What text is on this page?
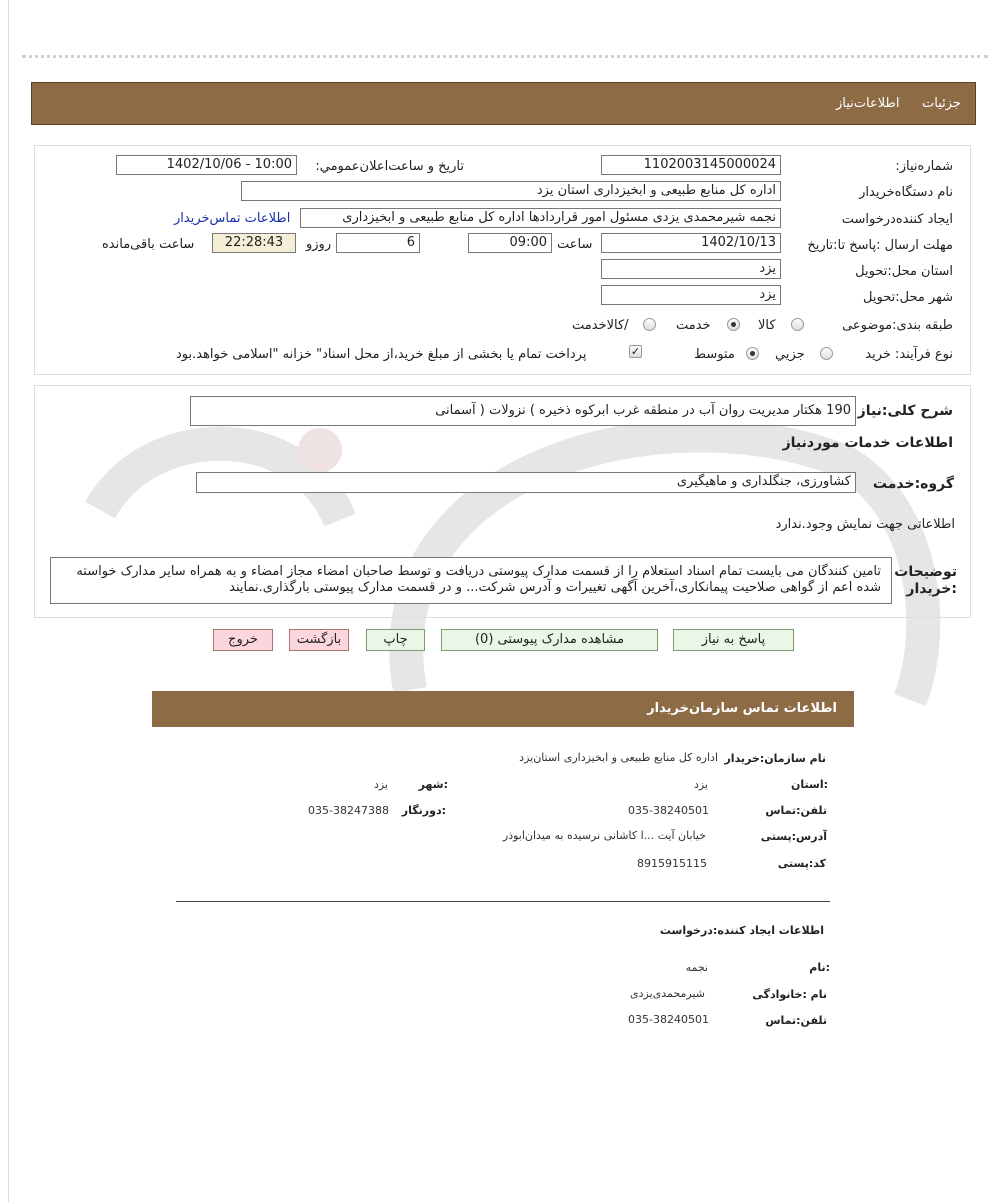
جزئیات
اطلاعات‌نیاز
شماره‌نیاز:
1102003145000024
تاریخ و ساعت‌اعلان‌عمومي:
1402/10/06 - 10:00
نام دستگاه‌خریدار
اداره کل منابع طبیعی و ابخیزداری استان یزد
ایجاد کننده‌درخواست
نجمه شیرمحمدی یزدی مسئول امور قراردادها اداره کل منابع طبیعی و ابخیزداری
اطلاعات تماس‌خریدار
مهلت ارسال :پاسخ تا:تاریخ
1402/10/13
ساعت
09:00
6
روزو
22:28:43
ساعت باقی‌مانده
استان محل:تحویل
یزد
شهر محل:تحویل
یزد
طبقه بندی:موضوعی
کالا
خدمت
/کالاخدمت
نوع فرآیند: خرید
جزیي
متوسط
✓
پرداخت تمام یا بخشی از مبلغ خرید،از محل اسناد" خزانه "اسلامی خواهد.بود
شرح کلی:نیاز
190 هکتار مدیریت روان آب در منطقه غرب ابرکوه ذخیره ) نزولات ( آسمانی
اطلاعات خدمات موردنیاز
گروه:خدمت
کشاورزی، جنگلداری و ماهیگیری
اطلاعاتی جهت نمایش وجود.ندارد
توضیحات :خریدار
تامین کنندگان می بایست تمام اسناد استعلام را از قسمت مدارک پیوستی دریافت و توسط صاحبان امضاء مجاز امضاء و به همراه سایر مدارک خواسته شده اعم از گواهی صلاحیت پیمانکاری،آخرین آگهی تغییرات و آدرس شرکت... و در قسمت مدارک پیوستی بارگذاری.نمایند
پاسخ به نیاز
مشاهده مدارک پیوستی (0)
چاپ
بازگشت
خروج
اطلاعات تماس سازمان‌خریدار
نام سازمان:خریدار
اداره کل منابع طبیعی و ابخیزداری استان‌یزد
:استان
یزد
:شهر
یزد
تلفن:تماس
035-38240501
:دورنگار
035-38247388
آدرس:پستی
خیابان آیت ...ا کاشانی نرسیده به میدان‌ابوذر
کد:پستی
8915915115
اطلاعات ایجاد کننده:درخواست
:نام
نجمه
نام :خانوادگی
شیرمحمدی‌یزدی
تلفن:تماس
035-38240501
